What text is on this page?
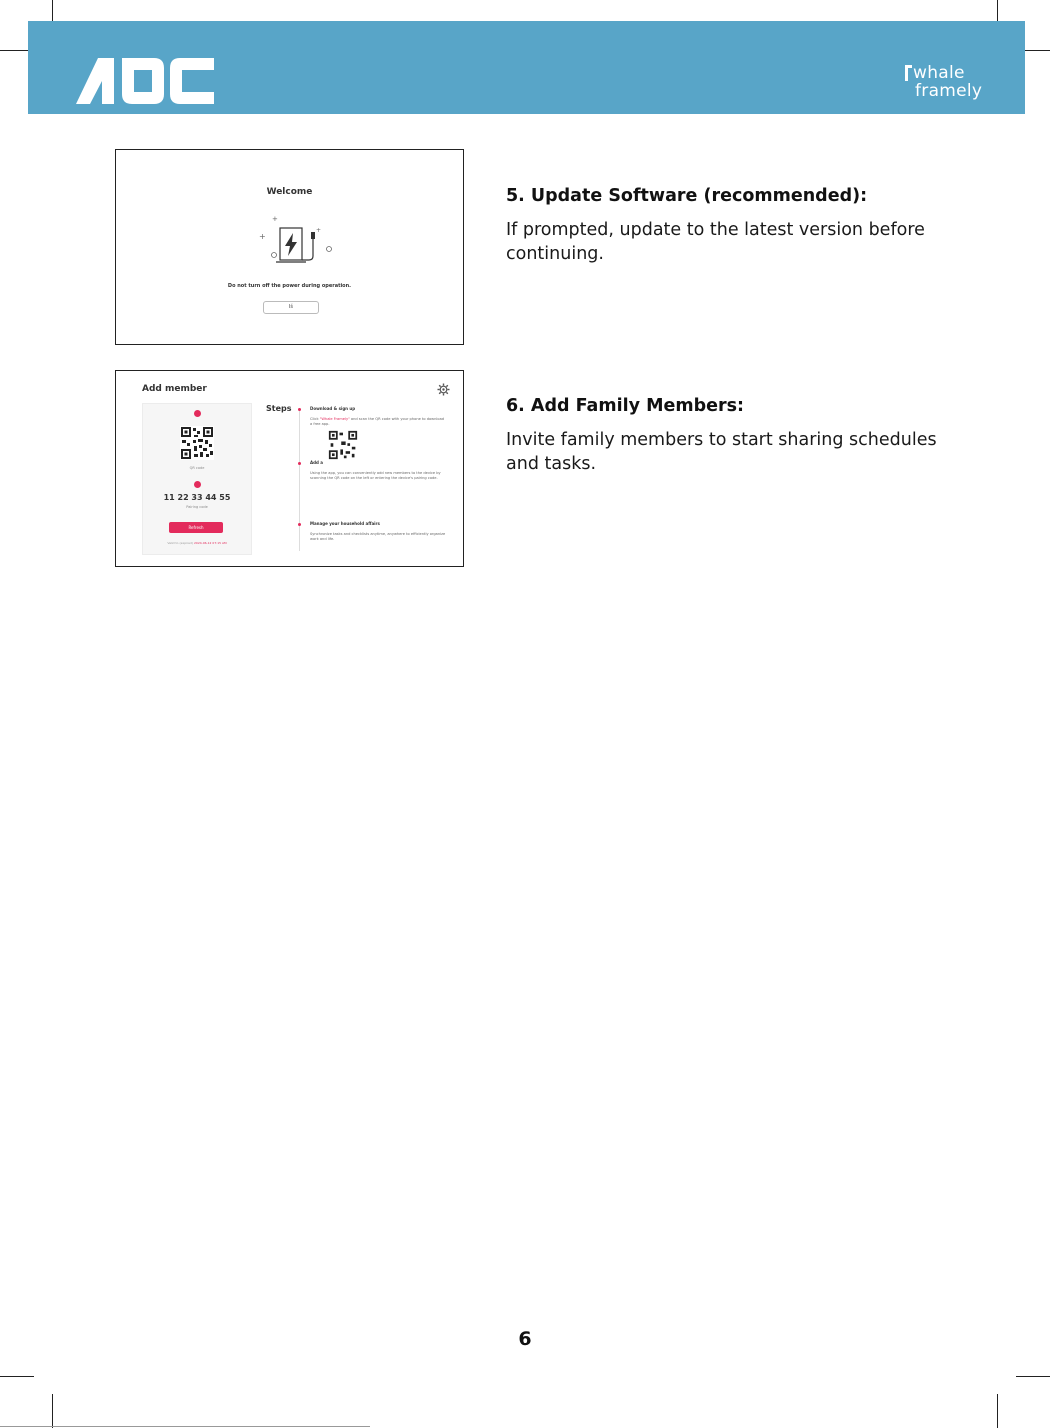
whale
framely
Welcome
+
+
+
Do not turn off the power during operation.
Iš
Add member
QR code
11 22 33 44 55
Pairing code
Refresh
Valid to (expired) 2024-06-12 07:15 AM
Steps	Download & sign up
Click "Whale Framely" and scan the QR code with your phone to download a free app.
Add a
Using the app, you can conveniently add new members to the device by scanning the QR code on the left or entering the device's pairing code.
Manage your household affairs
Synchronize tasks and checklists anytime, anywhere to efficiently organize work and life.

5. Update Software (recommended):

If prompted, update to the latest version before continuing.

6. Add Family Members:

Invite family members to start sharing schedules and tasks.

6
